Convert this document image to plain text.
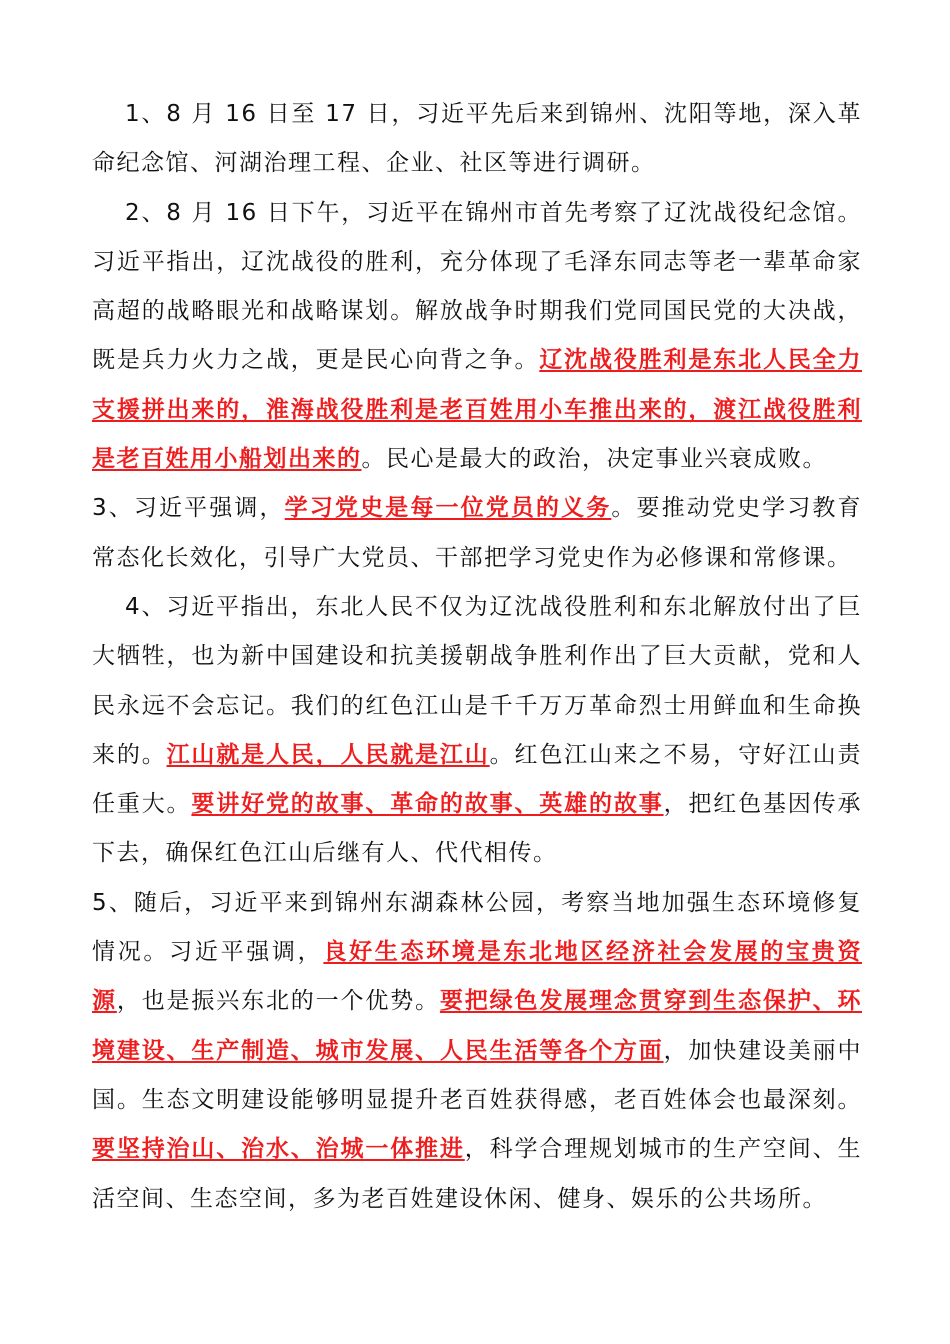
1、8 月 16 日至 17 日，习近平先后来到锦州、沈阳等地，深入革命纪念馆、河湖治理工程、企业、社区等进行调研。

2、8 月 16 日下午，习近平在锦州市首先考察了辽沈战役纪念馆。习近平指出，辽沈战役的胜利，充分体现了毛泽东同志等老一辈革命家高超的战略眼光和战略谋划。解放战争时期我们党同国民党的大决战，既是兵力火力之战，更是民心向背之争。辽沈战役胜利是东北人民全力支援拼出来的，淮海战役胜利是老百姓用小车推出来的，渡江战役胜利是老百姓用小船划出来的。民心是最大的政治，决定事业兴衰成败。

3、习近平强调，学习党史是每一位党员的义务。要推动党史学习教育常态化长效化，引导广大党员、干部把学习党史作为必修课和常修课。

4、习近平指出，东北人民不仅为辽沈战役胜利和东北解放付出了巨大牺牲，也为新中国建设和抗美援朝战争胜利作出了巨大贡献，党和人民永远不会忘记。我们的红色江山是千千万万革命烈士用鲜血和生命换来的。江山就是人民，人民就是江山。红色江山来之不易，守好江山责任重大。要讲好党的故事、革命的故事、英雄的故事，把红色基因传承下去，确保红色江山后继有人、代代相传。

5、随后，习近平来到锦州东湖森林公园，考察当地加强生态环境修复情况。习近平强调，良好生态环境是东北地区经济社会发展的宝贵资源，也是振兴东北的一个优势。要把绿色发展理念贯穿到生态保护、环境建设、生产制造、城市发展、人民生活等各个方面，加快建设美丽中国。生态文明建设能够明显提升老百姓获得感，老百姓体会也最深刻。要坚持治山、治水、治城一体推进，科学合理规划城市的生产空间、生活空间、生态空间，多为老百姓建设休闲、健身、娱乐的公共场所。
